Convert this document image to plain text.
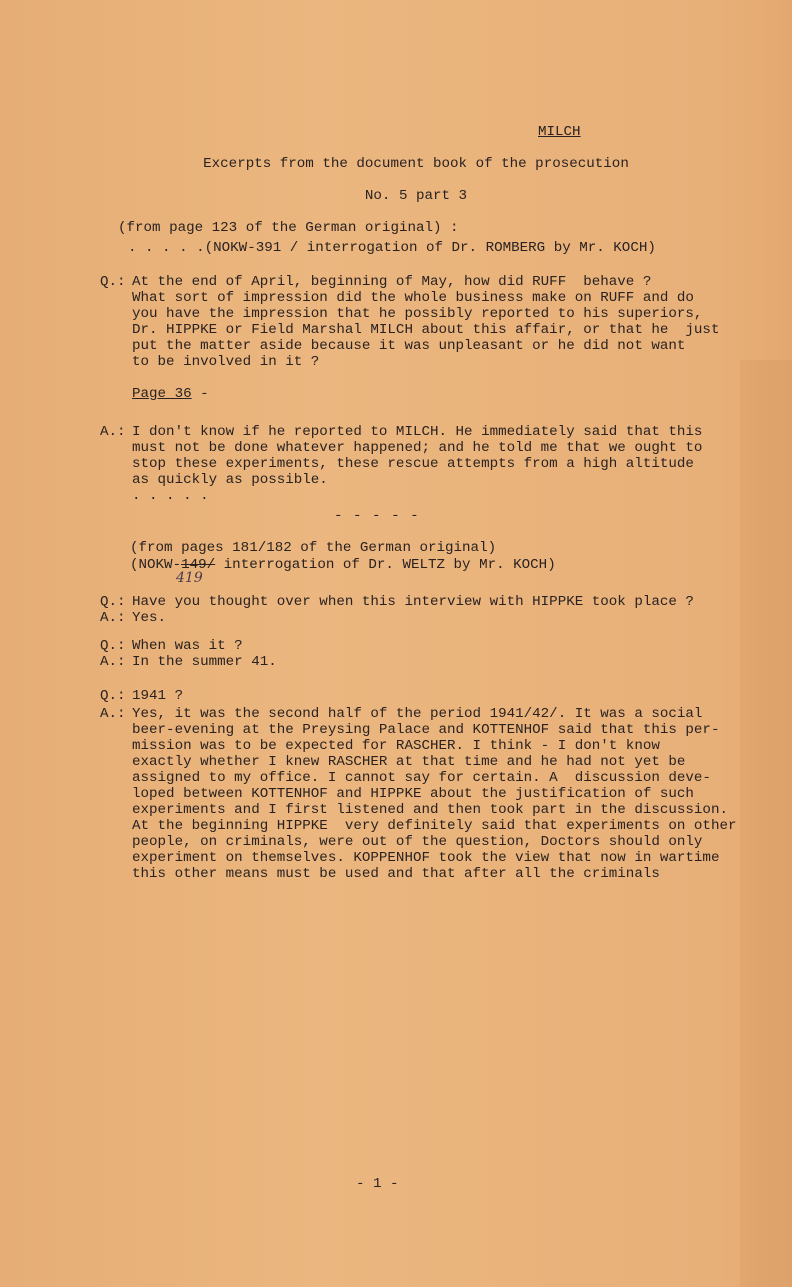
MILCH
Excerpts from the document book of the prosecution
No. 5 part 3
(from page 123 of the German original) :
. . . . .(NOKW-391 / interrogation of Dr. ROMBERG by Mr. KOCH)
Q.: At the end of April, beginning of May, how did RUFF  behave ?
What sort of impression did the whole business make on RUFF and do
you have the impression that he possibly reported to his superiors,
Dr. HIPPKE or Field Marshal MILCH about this affair, or that he  just
put the matter aside because it was unpleasant or he did not want
to be involved in it ?
Page 36 -
A.: I don't know if he reported to MILCH. He immediately said that this
must not be done whatever happened; and he told me that we ought to
stop these experiments, these rescue attempts from a high altitude
as quickly as possible.
. . . . .
- - - - -
(from pages 181/182 of the German original)
(NOKW-149/ interrogation of Dr. WELTZ by Mr. KOCH)
419
Q.: Have you thought over when this interview with HIPPKE took place ?
A.: Yes.
Q.: When was it ?
A.: In the summer 41.
Q.: 1941 ?
A.: Yes, it was the second half of the period 1941/42/. It was a social
beer-evening at the Preysing Palace and KOTTENHOF said that this per-
mission was to be expected for RASCHER. I think - I don't know
exactly whether I knew RASCHER at that time and he had not yet be
assigned to my office. I cannot say for certain. A  discussion deve-
loped between KOTTENHOF and HIPPKE about the justification of such
experiments and I first listened and then took part in the discussion.
At the beginning HIPPKE  very definitely said that experiments on other
people, on criminals, were out of the question, Doctors should only
experiment on themselves. KOPPENHOF took the view that now in wartime
this other means must be used and that after all the criminals
- 1 -
